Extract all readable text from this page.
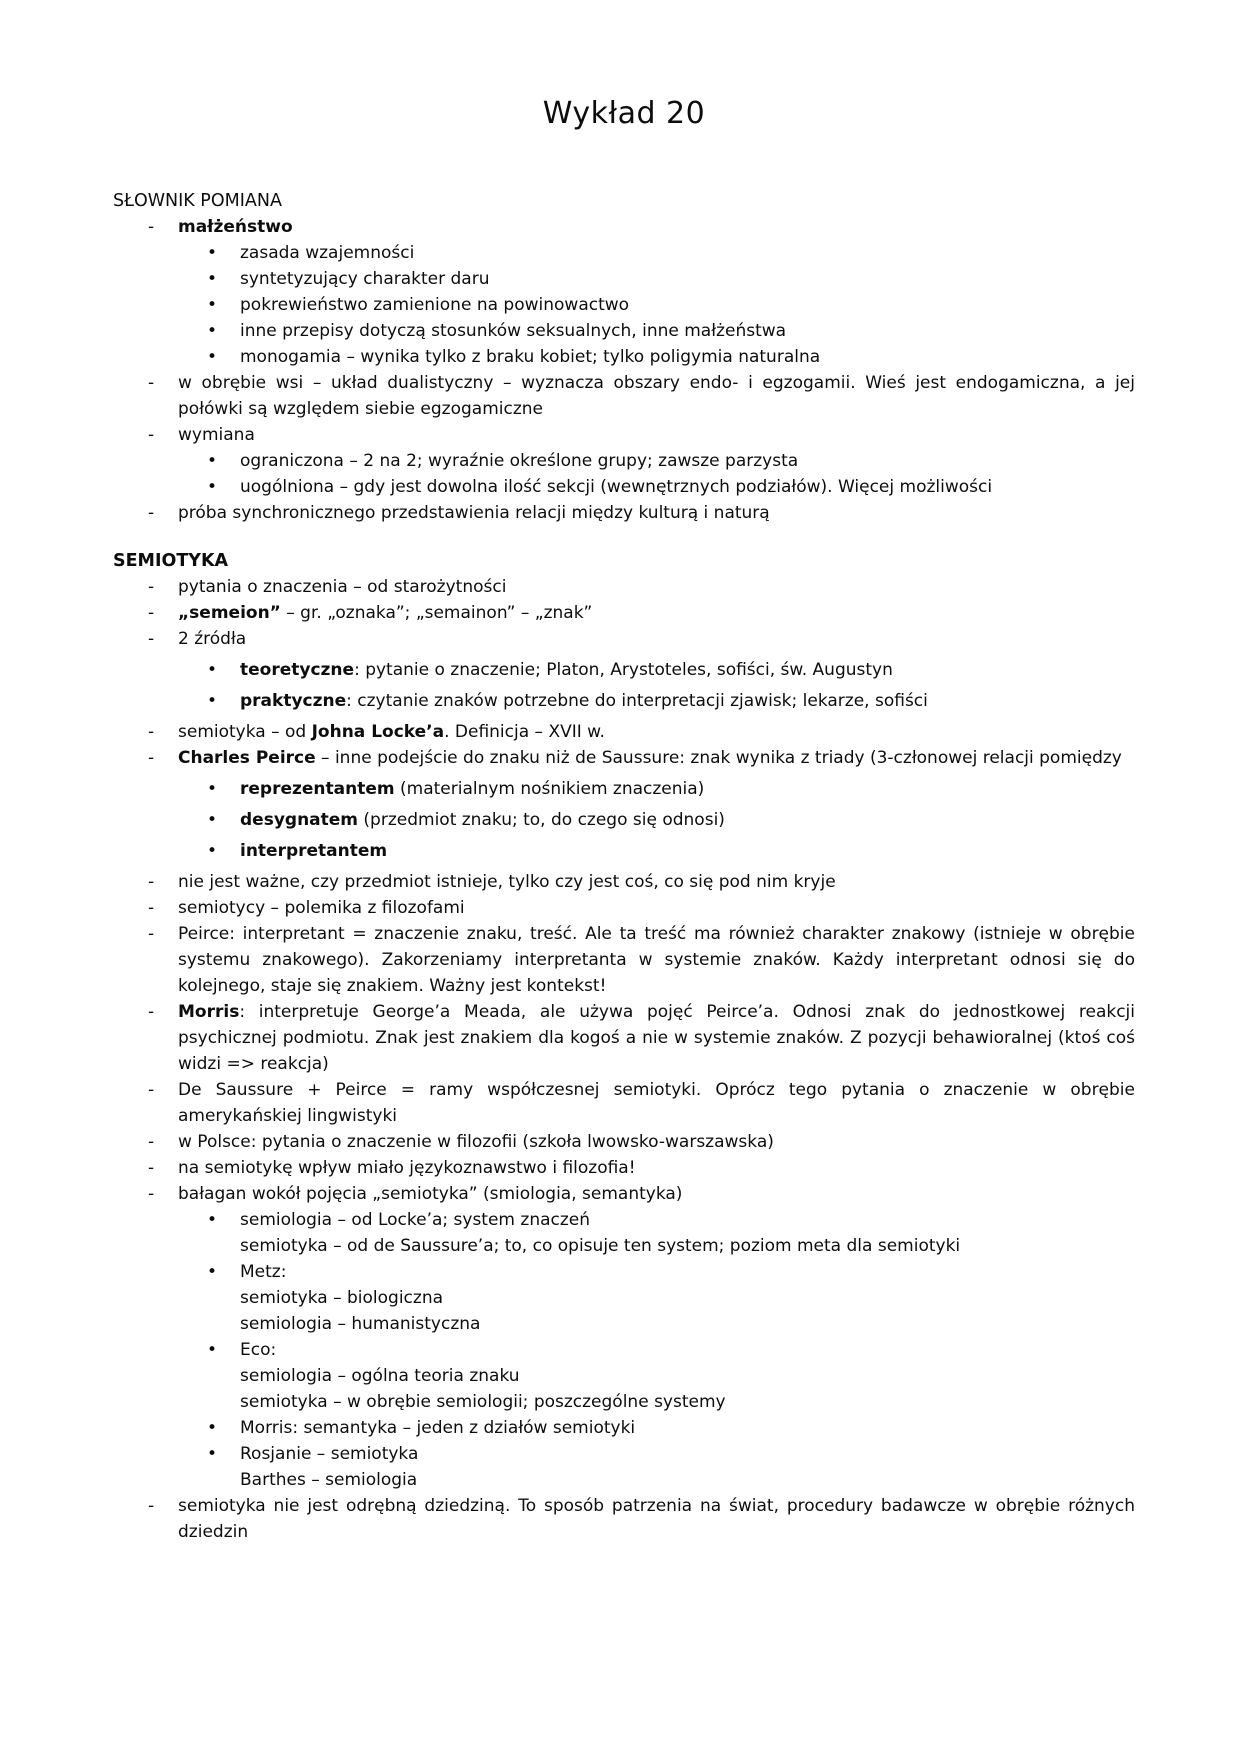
Wykład 20
SŁOWNIK POMIANA
-	małżeństwo
•	zasada wzajemności
•	syntetyzujący charakter daru
•	pokrewieństwo zamienione na powinowactwo
•	inne przepisy dotyczą stosunków seksualnych, inne małżeństwa
•	monogamia – wynika tylko z braku kobiet; tylko poligymia naturalna
-	w obrębie wsi – układ dualistyczny – wyznacza obszary endo- i egzogamii. Wieś jest endogamiczna, a jej połówki są względem siebie egzogamiczne
-	wymiana
•	ograniczona – 2 na 2; wyraźnie określone grupy; zawsze parzysta
•	uogólniona – gdy jest dowolna ilość sekcji (wewnętrznych podziałów). Więcej możliwości
-	próba synchronicznego przedstawienia relacji między kulturą i naturą
SEMIOTYKA
-	pytania o znaczenia – od starożytności
-	„semeion” – gr. „oznaka”; „semainon” – „znak”
-	2 źródła
•	teoretyczne: pytanie o znaczenie; Platon, Arystoteles, sofiści, św. Augustyn
•	praktyczne: czytanie znaków potrzebne do interpretacji zjawisk; lekarze, sofiści
-	semiotyka – od Johna Locke’a. Definicja – XVII w.
-	Charles Peirce – inne podejście do znaku niż de Saussure: znak wynika z triady (3-członowej relacji pomiędzy
•	reprezentantem (materialnym nośnikiem znaczenia)
•	desygnatem (przedmiot znaku; to, do czego się odnosi)
•	interpretantem
-	nie jest ważne, czy przedmiot istnieje, tylko czy jest coś, co się pod nim kryje
-	semiotycy – polemika z filozofami
-	Peirce: interpretant = znaczenie znaku, treść. Ale ta treść ma również charakter znakowy (istnieje w obrębie systemu znakowego). Zakorzeniamy interpretanta w systemie znaków. Każdy interpretant odnosi się do kolejnego, staje się znakiem. Ważny jest kontekst!
-	Morris: interpretuje George’a Meada, ale używa pojęć Peirce’a. Odnosi znak do jednostkowej reakcji psychicznej podmiotu. Znak jest znakiem dla kogoś a nie w systemie znaków. Z pozycji behawioralnej (ktoś coś widzi => reakcja)
-	De Saussure + Peirce = ramy współczesnej semiotyki. Oprócz tego pytania o znaczenie w obrębie amerykańskiej lingwistyki
-	w Polsce: pytania o znaczenie w filozofii (szkoła lwowsko-warszawska)
-	na semiotykę wpływ miało językoznawstwo i filozofia!
-	bałagan wokół pojęcia „semiotyka” (smiologia, semantyka)
•	semiologia – od Locke’a; system znaczeń
semiotyka – od de Saussure’a; to, co opisuje ten system; poziom meta dla semiotyki
•	Metz:
semiotyka – biologiczna
semiologia – humanistyczna
•	Eco:
semiologia – ogólna teoria znaku
semiotyka – w obrębie semiologii; poszczególne systemy
•	Morris: semantyka – jeden z działów semiotyki
•	Rosjanie – semiotyka
Barthes – semiologia
-	semiotyka nie jest odrębną dziedziną. To sposób patrzenia na świat, procedury badawcze w obrębie różnych dziedzin
